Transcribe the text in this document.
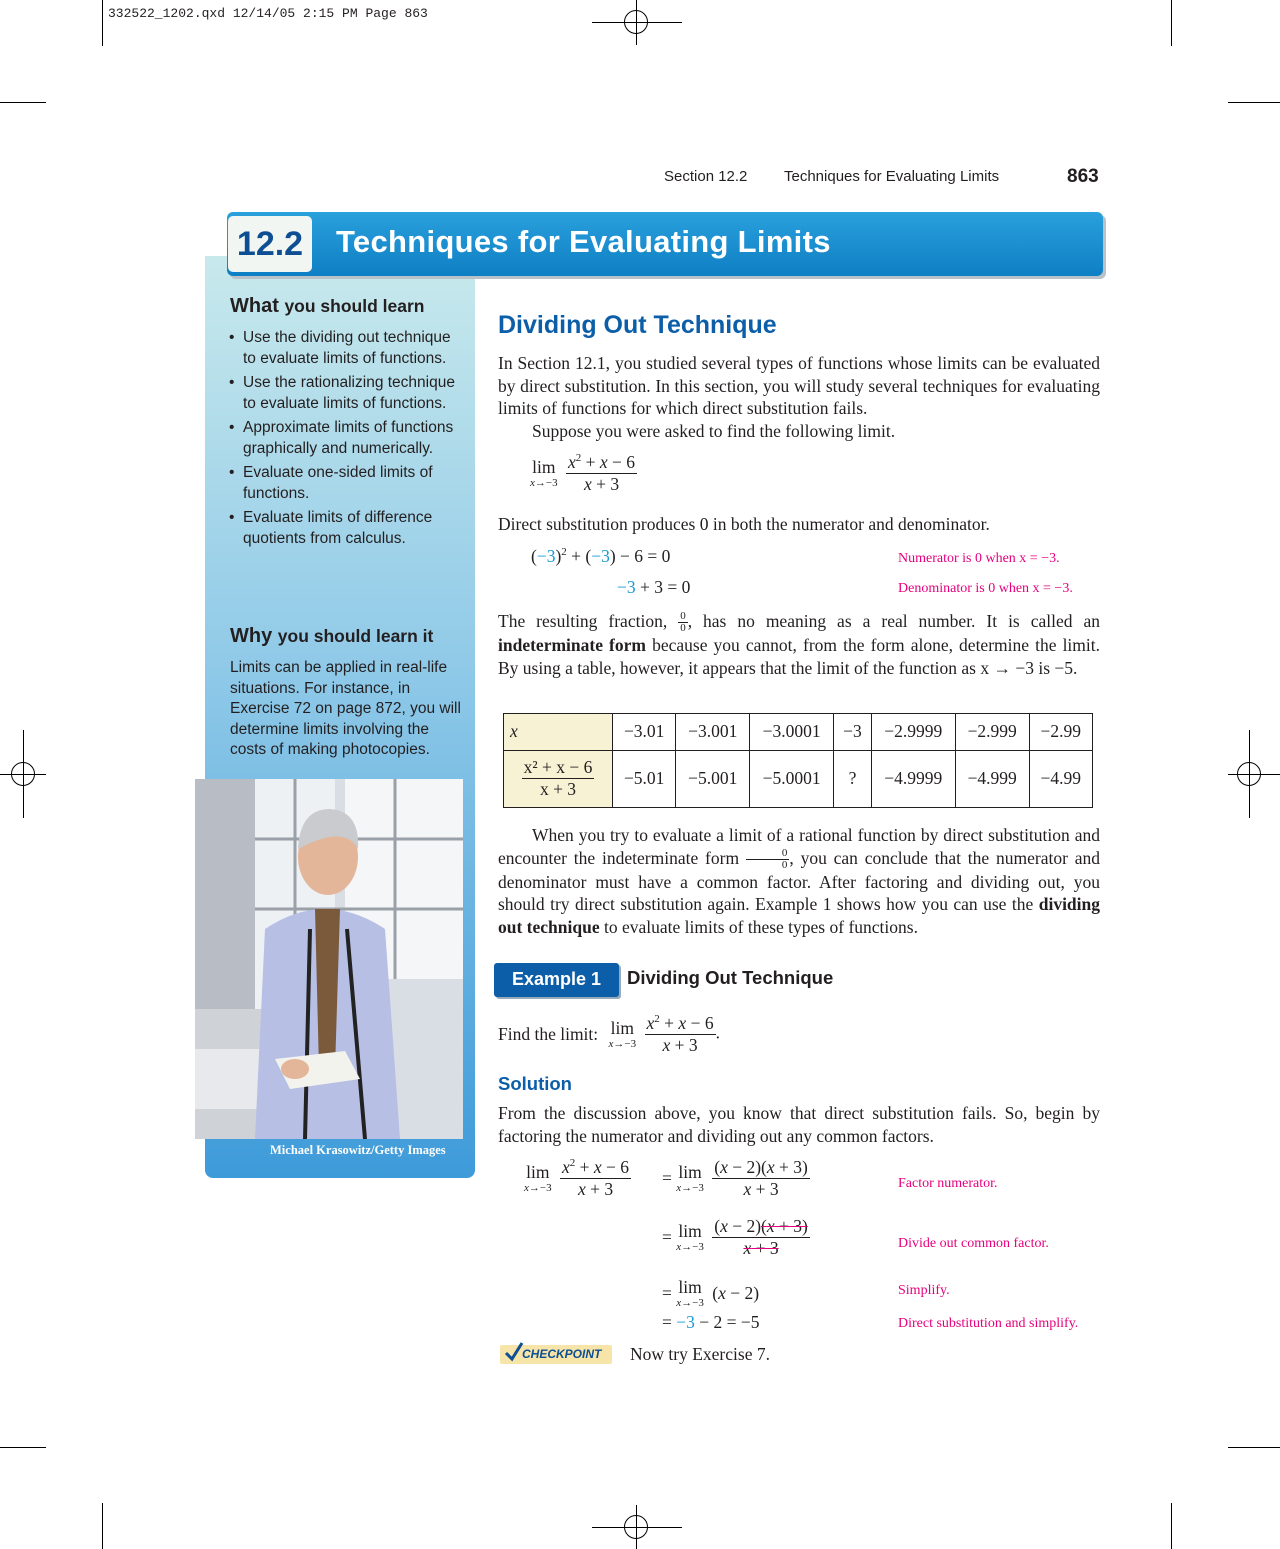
332522_1202.qxd 12/14/05 2:15 PM Page 863
Section 12.2 Techniques for Evaluating Limits	863
12.2 Techniques for Evaluating Limits
What you should learn
• Use the dividing out technique to evaluate limits of functions.
• Use the rationalizing technique to evaluate limits of functions.
• Approximate limits of functions graphically and numerically.
• Evaluate one-sided limits of functions.
• Evaluate limits of difference quotients from calculus.
Why you should learn it
Limits can be applied in real-life situations. For instance, in Exercise 72 on page 872, you will determine limits involving the costs of making photocopies.
Michael Krasowitz/Getty Images
Dividing Out Technique
In Section 12.1, you studied several types of functions whose limits can be evaluated by direct substitution. In this section, you will study several techniques for evaluating limits of functions for which direct substitution fails.
Suppose you were asked to find the following limit.
lim
x→−3
$\frac{x^2 + x - 6}{x + 3}$
Direct substitution produces 0 in both the numerator and denominator.
$(-3)^2 + (-3) - 6 = 0$
−3 + 3 = 0
Numerator is 0 when x = −3.
Denominator is 0 when x = −3.
The resulting fraction, $\frac{0}{0}$ , has no meaning as a real number. It is called an indeterminate form because you cannot, from the form alone, determine the limit. By using a table, however, it appears that the limit of the function as x → −3 is −5.
x	−3.01	−3.001	−3.0001	−3	−2.9999	−2.999	−2.99

$\frac{\text{x² + x − 6}}{x + 3}$	−5.01	−5.001	−5.0001	?	−4.9999	−4.999	−4.99
When you try to evaluate a limit of a rational function by direct substitution and encounter the indeterminate form $\frac{0}{0}$ , you can conclude that the numerator and denominator must have a common factor. After factoring and dividing out, you should try direct substitution again. Example 1 shows how you can use the dividing out technique to evaluate limits of these types of functions.
Example 1	Dividing Out Technique
Find the limit: lim
x→−3
$\frac{x^2 + x - 6}{x + 3}$ .
Solution
From the discussion above, you know that direct substitution fails. So, begin by factoring the numerator and dividing out any common factors.
lim
x→−3
$\frac{x^2 + x - 6}{x + 3} = \lim$
x→−3
$\frac{(x - 2)(x + 3)}{x + 3}$
= lim
x→−3
$\frac{(x - 2)(x + 3)}{x + 3}$
= lim
x→−3 (x − 2)
= −3 − 2 = −5
Factor numerator.
Divide out common factor.
Simplify.
Direct substitution and simplify.
CHECKPOINT Now try Exercise 7.
